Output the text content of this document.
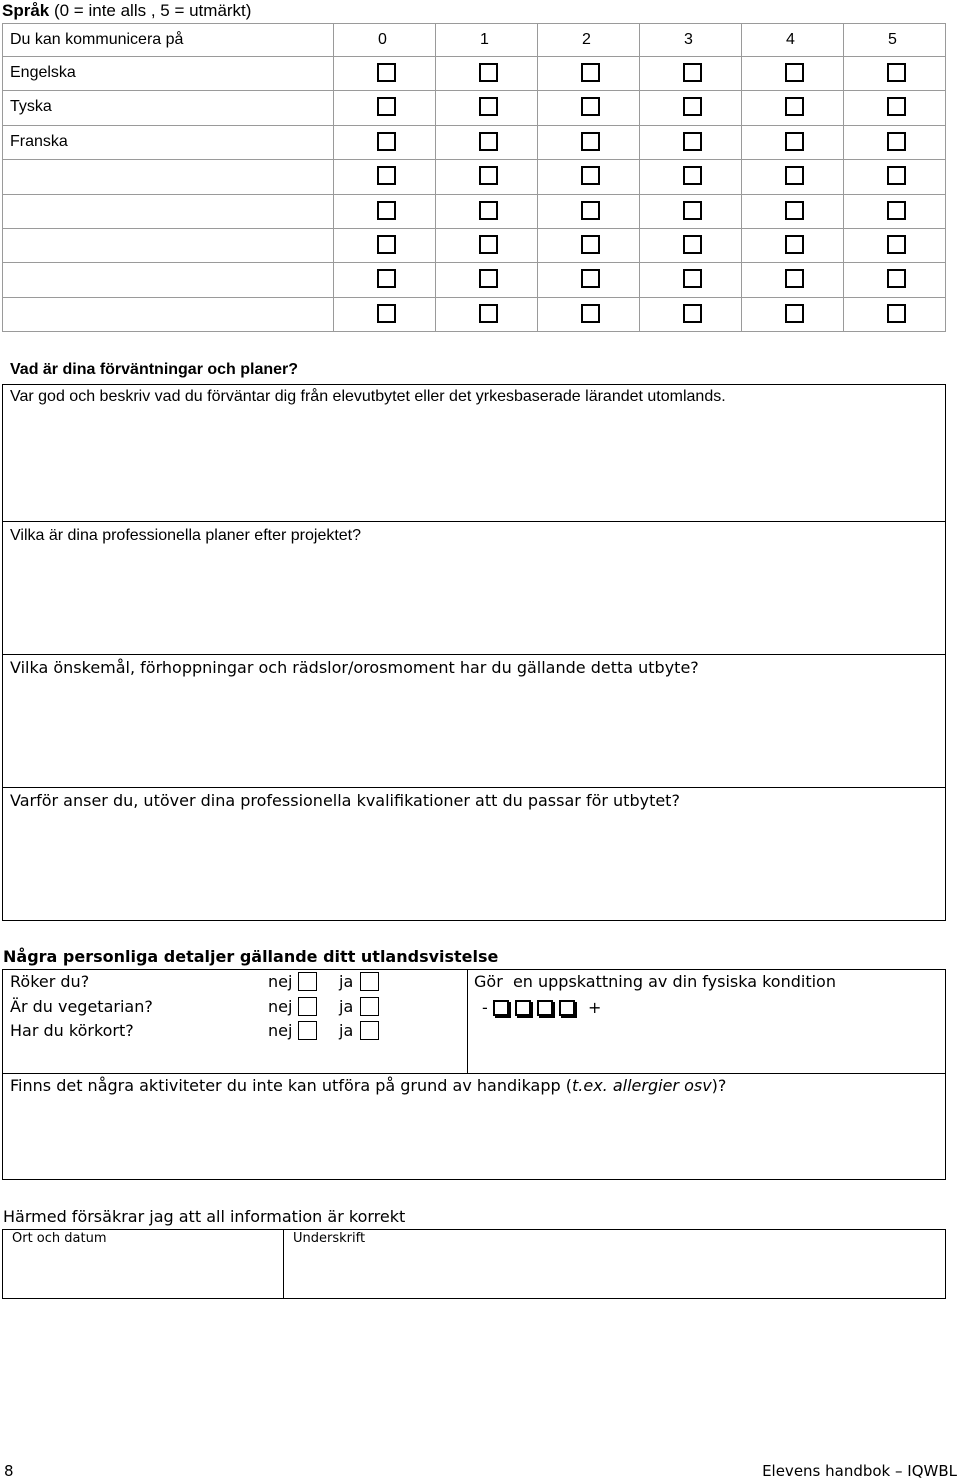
Språk (0 = inte alls , 5 = utmärkt)
Du kan kommunicera på	0	1	2	3	4	5

Engelska						

Tyska						

Franska						

Vad är dina förväntningar och planer?
Var god och beskriv vad du förväntar dig från elevutbytet eller det yrkesbaserade lärandet utomlands.
Vilka är dina professionella planer efter projektet?
Vilka önskemål, förhoppningar och rädslor/orosmoment har du gällande detta utbyte?
Varför anser du, utöver dina professionella kvalifikationer att du passar för utbytet?
Några personliga detaljer gällande ditt utlandsvistelse
Röker du?	nej	ja
Är du vegetarian?	nej	ja
Har du körkort?	nej	ja
Gör  en uppskattning av din fysiska kondition
-	+
Finns det några aktiviteter du inte kan utföra på grund av handikapp (t.ex. allergier osv)?
Härmed försäkrar jag att all information är korrekt
Ort och datum	Underskrift
8	Elevens handbok – IQWBL
